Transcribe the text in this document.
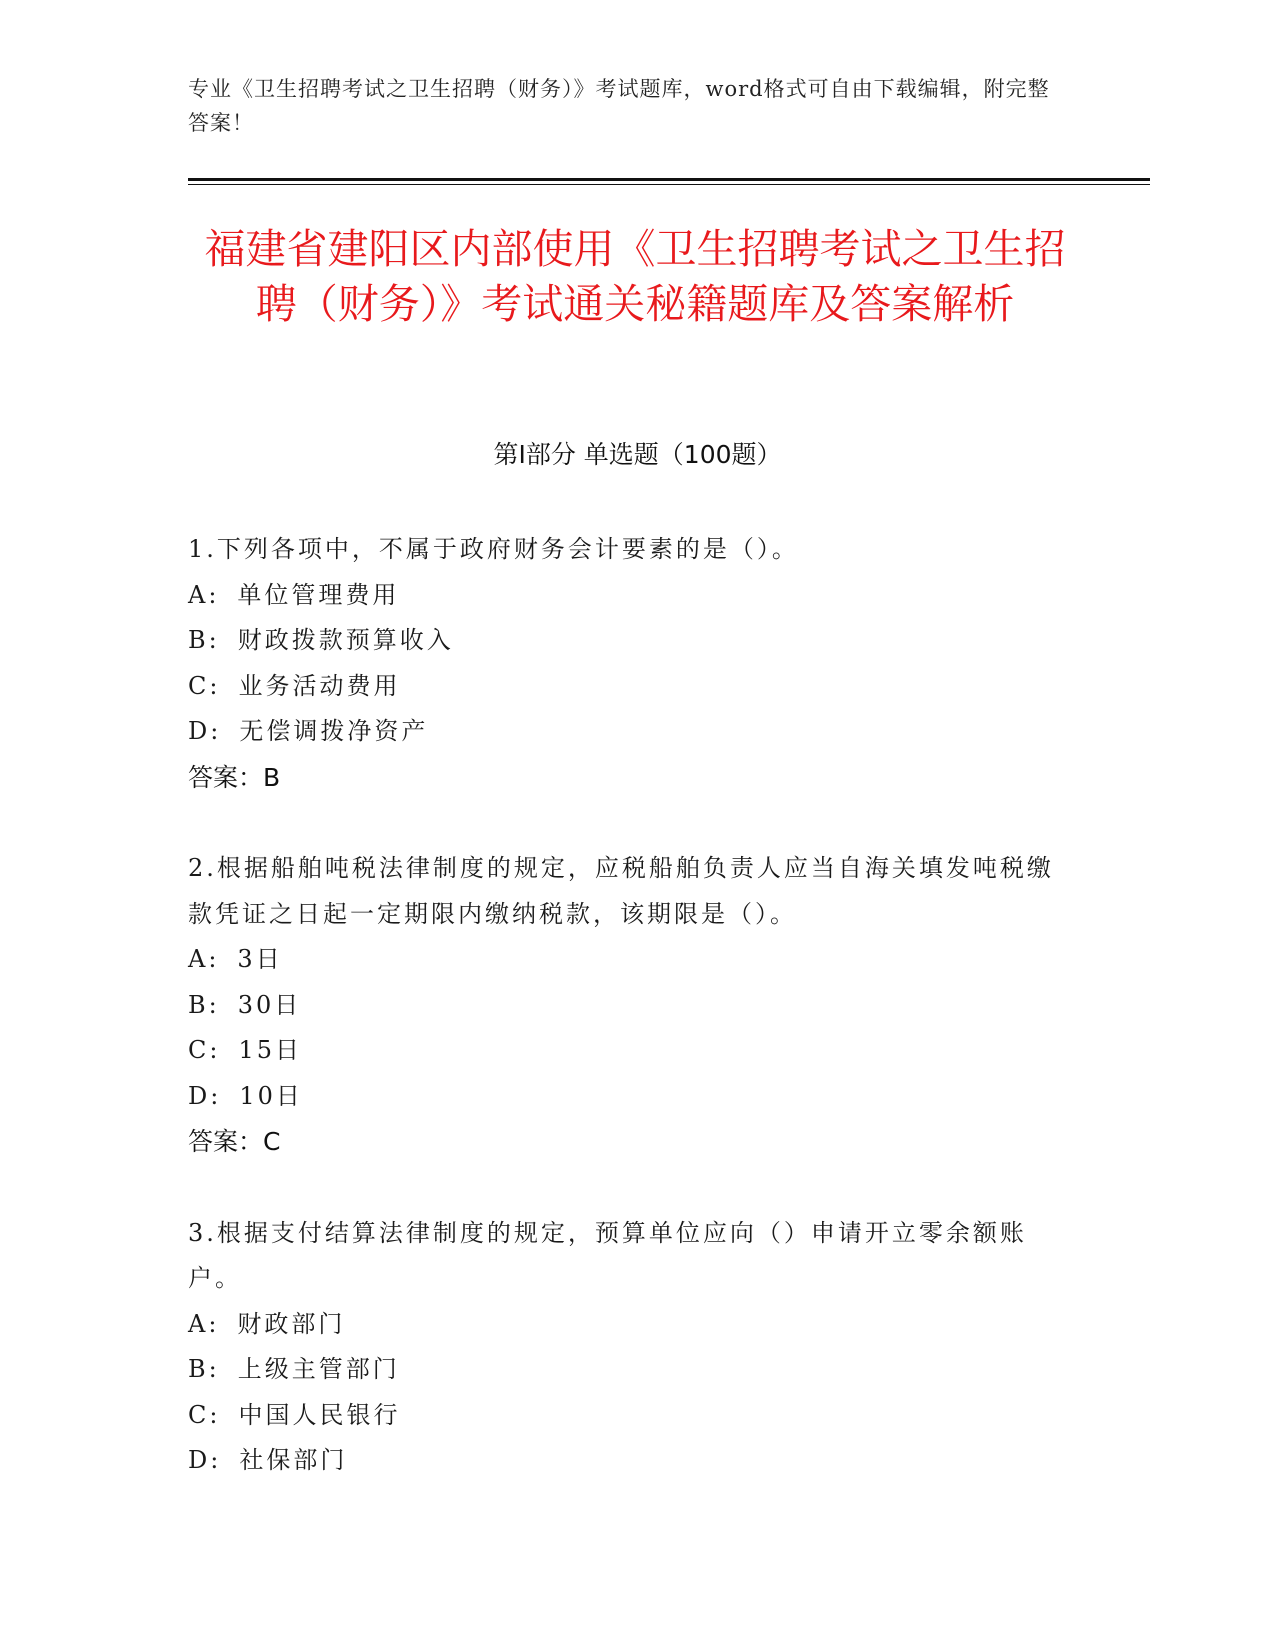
专业《卫生招聘考试之卫生招聘（财务）》考试题库，word格式可自由下载编辑，附完整答案！
福建省建阳区内部使用《卫生招聘考试之卫生招聘（财务）》考试通关秘籍题库及答案解析
第Ⅰ部分 单选题（100题）
1.下列各项中，不属于政府财务会计要素的是（）。
A: 单位管理费用
B: 财政拨款预算收入
C: 业务活动费用
D: 无偿调拨净资产
答案：B
2.根据船舶吨税法律制度的规定，应税船舶负责人应当自海关填发吨税缴款凭证之日起一定期限内缴纳税款，该期限是（）。
A: 3日
B: 30日
C: 15日
D: 10日
答案：C
3.根据支付结算法律制度的规定，预算单位应向（）申请开立零余额账户。
A: 财政部门
B: 上级主管部门
C: 中国人民银行
D: 社保部门
